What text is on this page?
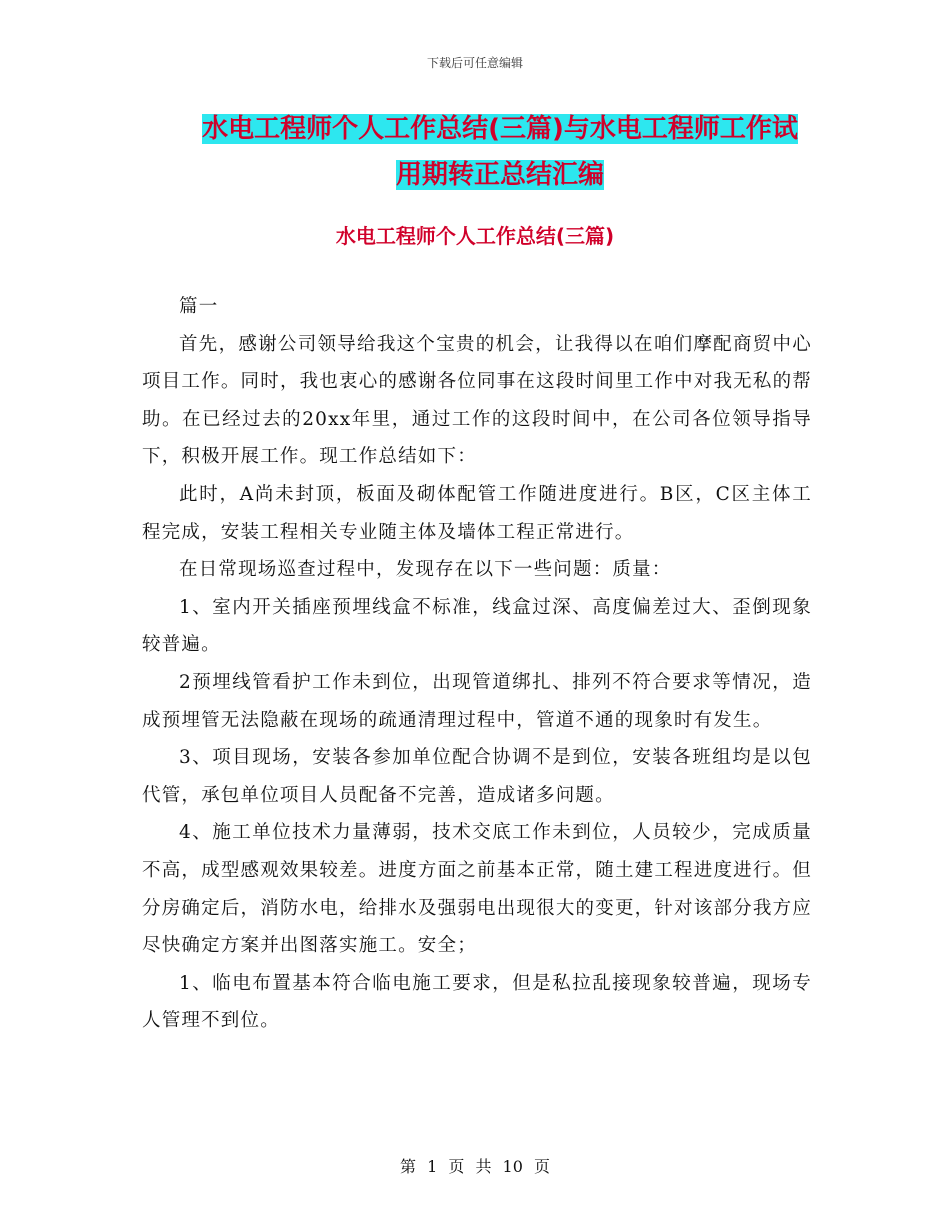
下载后可任意编辑
水电工程师个人工作总结(三篇)与水电工程师工作试用期转正总结汇编
水电工程师个人工作总结(三篇)

篇一

首先，感谢公司领导给我这个宝贵的机会，让我得以在咱们摩配商贸中心项目工作。同时，我也衷心的感谢各位同事在这段时间里工作中对我无私的帮助。在已经过去的20xx年里，通过工作的这段时间中，在公司各位领导指导下，积极开展工作。现工作总结如下：

此时，A尚未封顶，板面及砌体配管工作随进度进行。B区，C区主体工程完成，安装工程相关专业随主体及墙体工程正常进行。

在日常现场巡查过程中，发现存在以下一些问题：质量：

1、室内开关插座预埋线盒不标准，线盒过深、高度偏差过大、歪倒现象较普遍。

2预埋线管看护工作未到位，出现管道绑扎、排列不符合要求等情况，造成预埋管无法隐蔽在现场的疏通清理过程中，管道不通的现象时有发生。

3、项目现场，安装各参加单位配合协调不是到位，安装各班组均是以包代管，承包单位项目人员配备不完善，造成诸多问题。

4、施工单位技术力量薄弱，技术交底工作未到位，人员较少，完成质量不高，成型感观效果较差。进度方面之前基本正常，随土建工程进度进行。但分房确定后，消防水电，给排水及强弱电出现很大的变更，针对该部分我方应尽快确定方案并出图落实施工。安全；

1、临电布置基本符合临电施工要求，但是私拉乱接现象较普遍，现场专人管理不到位。

第 1 页 共 10 页
